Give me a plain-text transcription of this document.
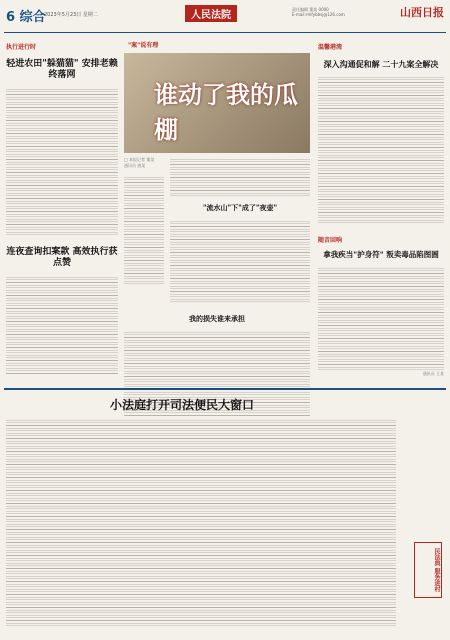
6 综合
2023年5月23日 星期二	人民法院
责任编辑 董某 0000
E-mail:rmfybbsj@126.com	山西日报
执行进行时
轻进农田"躲猫猫" 安排老赖终落网
连夜查询扣案款 高效执行获点赞
"案"说有理
谁动了我的瓜棚
□ 本报记者 董某
通讯员 唐某
"流水山"下"成了"夜壶"
我的损失谁来承担
温馨港湾
深入沟通促和解 二十九案全解决
随音回响
拿我疾当"护身符" 叛卖毒品陷图圄
通讯员 王某
小法庭打开司法便民大窗口
民法典 服务进村
